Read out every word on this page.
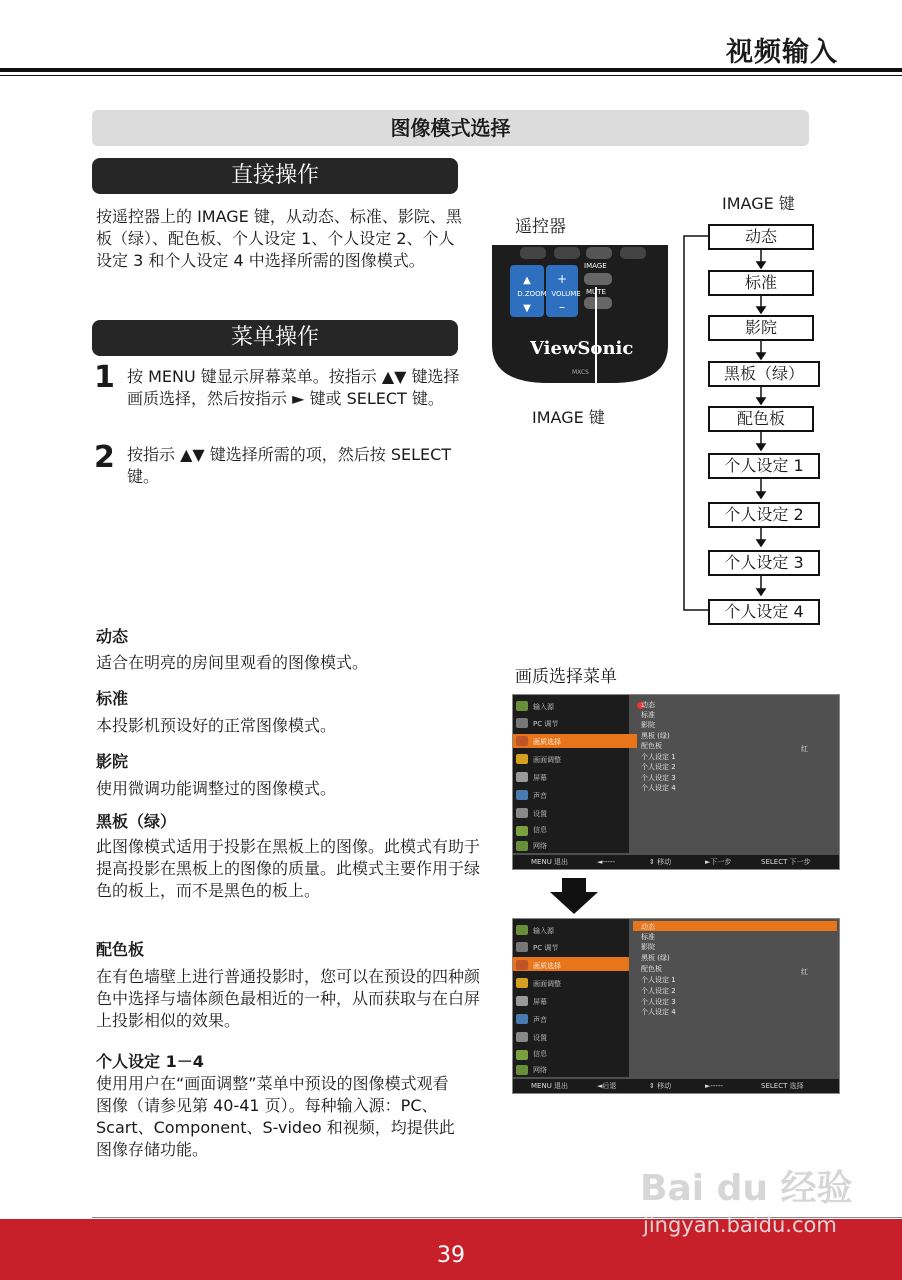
视频输入
图像模式选择
直接操作
按遥控器上的 IMAGE 键，从动态、标准、影院、黑板（绿）、配色板、个人设定 1、个人设定 2、个人设定 3 和个人设定 4 中选择所需的图像模式。
菜单操作
1 按 MENU 键显示屏幕菜单。按指示 ▲▼ 键选择画质选择，然后按指示 ► 键或 SELECT 键。
2 按指示 ▲▼ 键选择所需的项，然后按 SELECT 键。
遥控器
▲ +
▼ –
D.ZOOM VOLUME
IMAGE
MUTE
ViewSonic
MXCS
IMAGE 键
IMAGE 键
动态
标准
影院
黑板（绿）
配色板
个人设定 1
个人设定 2
个人设定 3
个人设定 4
动态
适合在明亮的房间里观看的图像模式。
标准
本投影机预设好的正常图像模式。
影院
使用微调功能调整过的图像模式。
黑板（绿）
此图像模式适用于投影在黑板上的图像。此模式有助于提高投影在黑板上的图像的质量。此模式主要作用于绿色的板上，而不是黑色的板上。
配色板
在有色墙壁上进行普通投影时，您可以在预设的四种颜色中选择与墙体颜色最相近的一种，从而获取与在白屏上投影相似的效果。
个人设定 1－4
使用用户在“画面调整”菜单中预设的图像模式观看图像（请参见第 40-41 页）。每种输入源：PC、Scart、Component、S-video 和视频，均提供此图像存储功能。
画质选择菜单
输入源
PC 调节
画质选择
画面调整
屏幕
声音
设置
信息
网络
动态
标准
影院
黑板 (绿)
配色板
个人设定 1
个人设定 2
个人设定 3
个人设定 4
红
MENU 退出	◄-----	⇕ 移动	►下一步	SELECT 下一步
输入源
PC 调节
画质选择
画面调整
屏幕
声音
设置
信息
网络
动态
标准
影院
黑板 (绿)
配色板
个人设定 1
个人设定 2
个人设定 3
个人设定 4
红
MENU 退出	◄后退	⇕ 移动	►-----	SELECT 选择
39
Bai du 经验
jingyan.baidu.com
